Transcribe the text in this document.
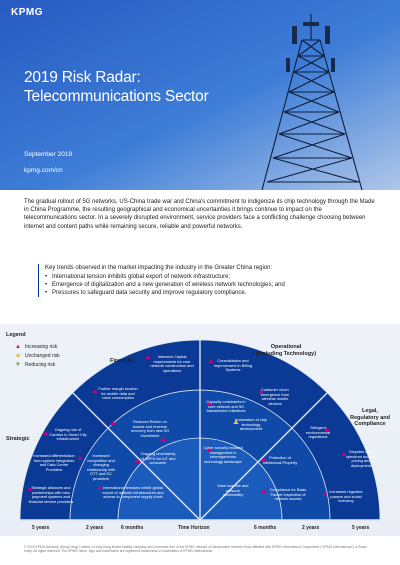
KPMG
2019 Risk Radar:
Telecommunications Sector
September 2019
kpmg.com/cn
The gradual rollout of 5G networks, US-China trade war and China's commitment to indigenize its chip technology through the Made in China Programme, the resulting geographical and economical uncertainties it brings continue to impact on the telecommunications sector. In a severely disrupted environment, service providers face a conflicting challenge choosing between internet and content paths while remaining secure, reliable and powerful networks.
Key trends observed in the market impacting the industry in the Greater China region:
• International tension inhibits global export of network infrastructure;
• Emergence of digitalization and a new generation of wireless network technologies; and
• Pressures to safeguard data security and improve regulatory compliance.
Legend
▲ Increasing risk
◆ Unchanged risk
▼ Reducing risk
Financial
Operational
(including Technology)
Strategic
Legal,
Regulatory and
Compliance
Intensive Capital requirements for core network construction and operations
Further margin erosion for mobile data and voice consumption
Reduced Return on Assets and revenue recovery from new 5G investment
Ongoing role of Carriers in Smart City infrastructure
Increased competition and changing relationship with OTT and DC providers
Ongoing uncertainty of ARPU for IoT and consumer
Increased differentiation from system integrators and Data Centre Providers
Strategic alliances and partnerships with new payment systems and financial service providers
International tensions inhibit global export of network infrastructure and access to component supply chain
Consolidation and improvement in Billing Systems
Customer churn emergence from wireless mobile devices
Capacity constraints in core network and 5G transmission initiatives
Automation of chip technology development
Cyber security incident management in heterogeneous technology landscape
Protection of Intellectual Property
Data loss risk and network vulnerability
Stringent environmental regulations
Disputes over spectrum access, pricing and deployment
Compliance for Basic Packet Inspection of network access
Increased regulator powers and social licensing
5 years	2 years	6 months	Time Horizon	6 months	2 years	5 years
© 2019 KPMG Advisory (Hong Kong) Limited, a Hong Kong limited liability company and a member firm of the KPMG network of independent member firms affiliated with KPMG International Cooperative ("KPMG International"), a Swiss entity. All rights reserved. The KPMG name, logo and trademarks are registered trademarks or trademarks of KPMG International.
